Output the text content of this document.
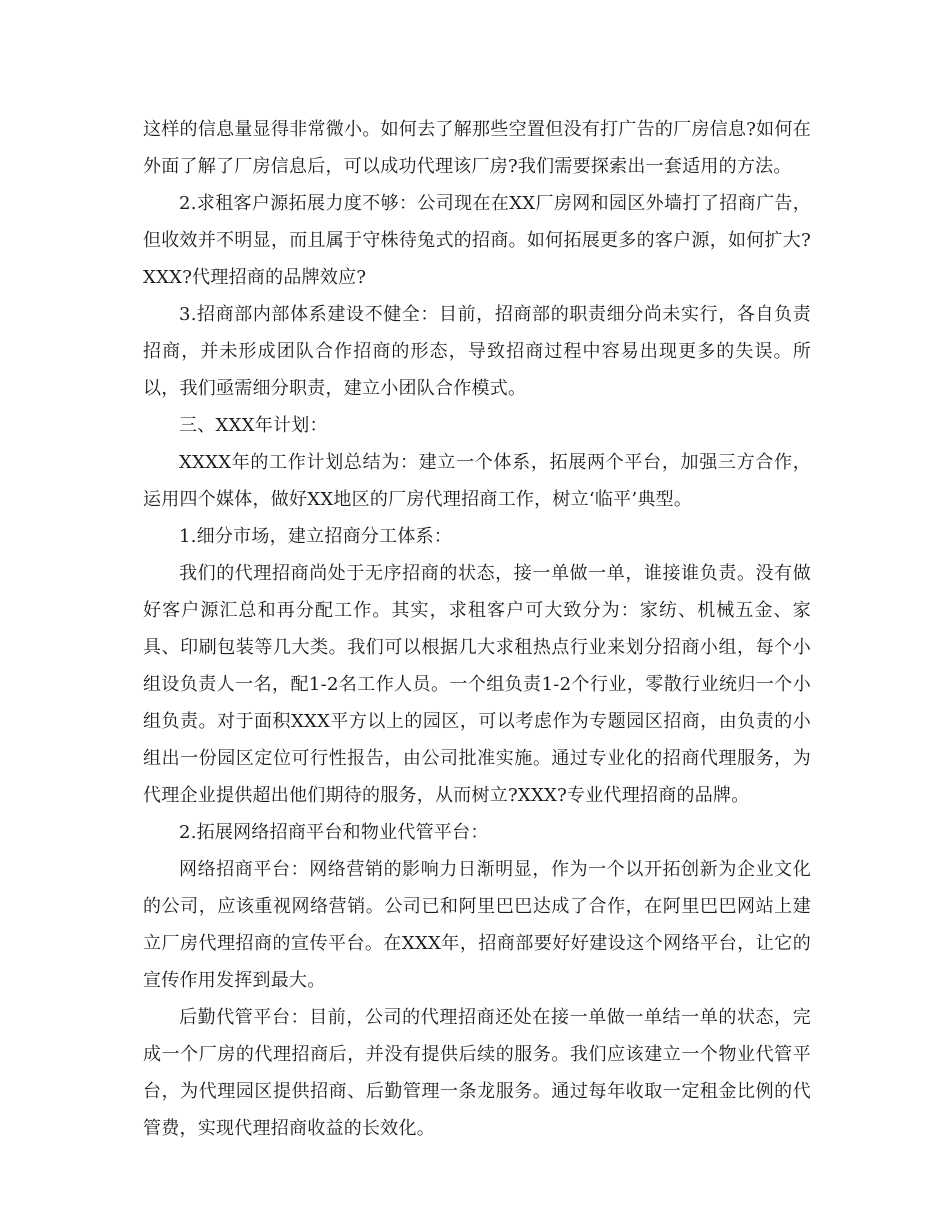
这样的信息量显得非常微小。如何去了解那些空置但没有打广告的厂房信息?如何在外面了解了厂房信息后，可以成功代理该厂房?我们需要探索出一套适用的方法。

2.求租客户源拓展力度不够：公司现在在XX厂房网和园区外墙打了招商广告，但收效并不明显，而且属于守株待兔式的招商。如何拓展更多的客户源，如何扩大?XXX?代理招商的品牌效应?

3.招商部内部体系建设不健全：目前，招商部的职责细分尚未实行，各自负责招商，并未形成团队合作招商的形态，导致招商过程中容易出现更多的失误。所以，我们亟需细分职责，建立小团队合作模式。

三、XXX年计划：

XXXX年的工作计划总结为：建立一个体系，拓展两个平台，加强三方合作，运用四个媒体，做好XX地区的厂房代理招商工作，树立‘临平’典型。

1.细分市场，建立招商分工体系：

我们的代理招商尚处于无序招商的状态，接一单做一单，谁接谁负责。没有做好客户源汇总和再分配工作。其实，求租客户可大致分为：家纺、机械五金、家具、印刷包装等几大类。我们可以根据几大求租热点行业来划分招商小组，每个小组设负责人一名，配1-2名工作人员。一个组负责1-2个行业，零散行业统归一个小组负责。对于面积XXX平方以上的园区，可以考虑作为专题园区招商，由负责的小组出一份园区定位可行性报告，由公司批准实施。通过专业化的招商代理服务，为代理企业提供超出他们期待的服务，从而树立?XXX?专业代理招商的品牌。

2.拓展网络招商平台和物业代管平台：

网络招商平台：网络营销的影响力日渐明显，作为一个以开拓创新为企业文化的公司，应该重视网络营销。公司已和阿里巴巴达成了合作，在阿里巴巴网站上建立厂房代理招商的宣传平台。在XXX年，招商部要好好建设这个网络平台，让它的宣传作用发挥到最大。

后勤代管平台：目前，公司的代理招商还处在接一单做一单结一单的状态，完成一个厂房的代理招商后，并没有提供后续的服务。我们应该建立一个物业代管平台，为代理园区提供招商、后勤管理一条龙服务。通过每年收取一定租金比例的代管费，实现代理招商收益的长效化。
